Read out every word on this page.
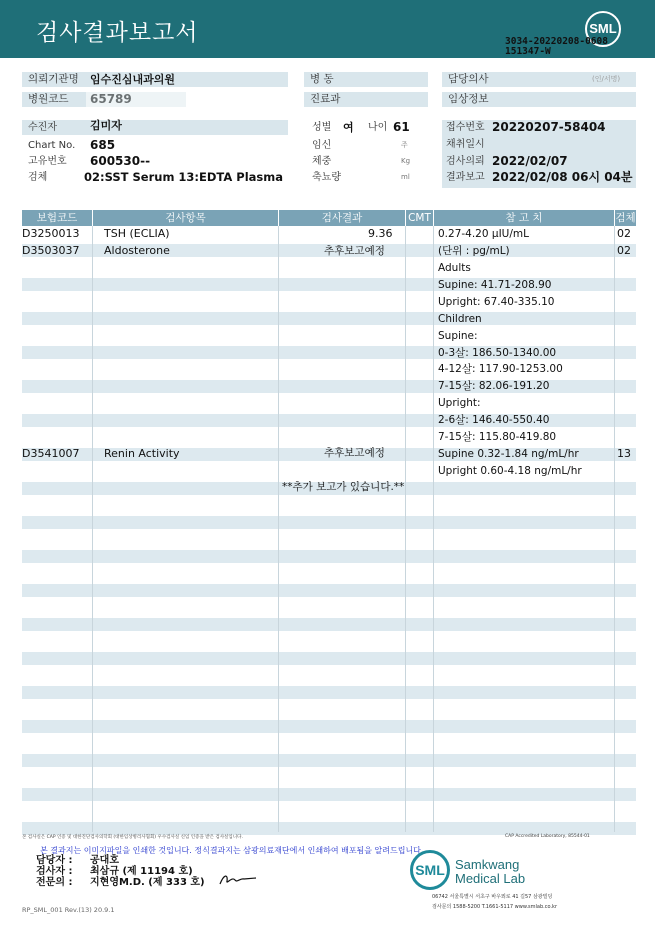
검사결과보고서	SML
3034-20220208-0608
151347-W
의뢰기관명	임수진심내과의원
병원코드	65789
병 동
진료과
담당의사	(인/서명)
임상정보
수진자	김미자
Chart No. 685
고유번호 600530--
검체	02:SST Serum 13:EDTA Plasma
성별 여 나이 61
임신	주
체중	Kg
축뇨량	ml
접수번호 20220207-58404
채취일시
검사의뢰 2022/02/07
결과보고 2022/02/08 06시 04분
보험코드	검사항목	검사결과	CMT	참 고 치	검체
D3250013 TSH (ECLIA)	9.36	0.27-4.20 μIU/mL	02
D3503037 Aldosterone	추후보고예정	(단위 : pg/mL)	02
Adults
Supine: 41.71-208.90
Upright: 67.40-335.10
Children
Supine:
0-3살: 186.50-1340.00
4-12살: 117.90-1253.00
7-15살: 82.06-191.20
Upright:
2-6살: 146.40-550.40
7-15살: 115.80-419.80
D3541007 Renin Activity	추후보고예정	Supine 0.32-1.84 ng/mL/hr	13
Upright 0.60-4.18 ng/mL/hr
**추가 보고가 있습니다.**
본 검사실은 CAP 인증 및 대한진단검사의학회 (대한임상병리사협회) 우수검사실 신임 인증을 받은 검사실입니다.	CAP Accredited Laboratory, 85544-01
본 결과지는 이미지파일을 인쇄한 것입니다. 정식결과지는 삼광의료재단에서 인쇄하여 배포됨을 알려드립니다.
담당자 : 공대호
검사자 : 최삼규 (제 11194 호)
전문의 : 지현영M.D. (제 333 호)
SML Samkwang
Medical Lab
06742 서울특별시 서초구 바우뫼로 41 길57 삼광빌딩
검사문의 1588-5200 T.1661-5117 www.smlab.co.kr
RP_SML_001 Rev.(13) 20.9.1
